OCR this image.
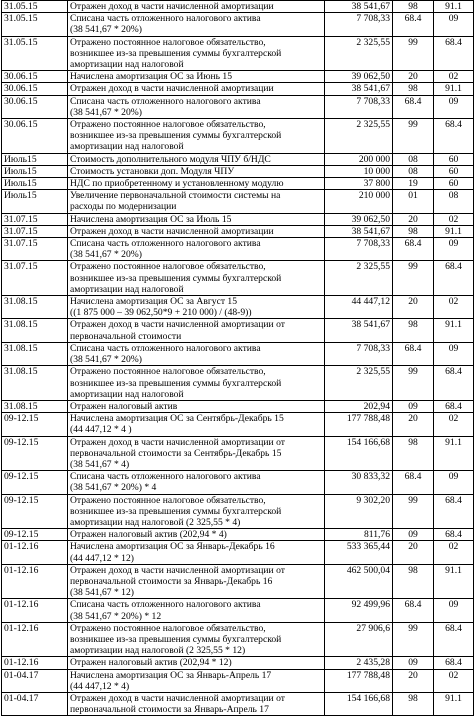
31.05.15	Отражен доход в части начисленной амортизации	38 541,67	98	91.1
31.05.15	Списана часть отложенного налогового актива
(38 541,67 * 20%)	7 708,33	68.4	09
31.05.15	Отражено постоянное налоговое обязательство,
возникшее из-за превышения суммы бухгалтерской
амортизации над налоговой	2 325,55	99	68.4
30.06.15	Начислена амортизация ОС за Июнь 15	39 062,50	20	02
30.06.15	Отражен доход в части начисленной амортизации	38 541,67	98	91.1
30.06.15	Списана часть отложенного налогового актива
(38 541,67 * 20%)	7 708,33	68.4	09
30.06.15	Отражено постоянное налоговое обязательство,
возникшее из-за превышения суммы бухгалтерской
амортизации над налоговой	2 325,55	99	68.4
Июль15	Стоимость дополнительного модуля ЧПУ б/НДС	200 000	08	60
Июль15	Стоимость установки доп. Модуля ЧПУ	10 000	08	60
Июль15	НДС по приобретенному и установленному модулю	37 800	19	60
Июль15	Увеличение первоначальной стоимости системы на
расходы по модернизации	210 000	01	08
31.07.15	Начислена амортизация ОС за Июль 15	39 062,50	20	02
31.07.15	Отражен доход в части начисленной амортизации	38 541,67	98	91.1
31.07.15	Списана часть отложенного налогового актива
(38 541,67 * 20%)	7 708,33	68.4	09
31.07.15	Отражено постоянное налоговое обязательство,
возникшее из-за превышения суммы бухгалтерской
амортизации над налоговой	2 325,55	99	68.4
31.08.15	Начислена амортизация ОС за Август 15
((1 875 000 – 39 062,50*9 + 210 000) / (48-9))	44 447,12	20	02
31.08.15	Отражен доход в части начисленной амортизации от
первоначальной стоимости	38 541,67	98	91.1
31.08.15	Списана часть отложенного налогового актива
(38 541,67 * 20%)	7 708,33	68.4	09
31.08.15	Отражено постоянное налоговое обязательство,
возникшее из-за превышения суммы бухгалтерской
амортизации над налоговой	2 325,55	99	68.4
31.08.15	Отражен налоговый актив	202,94	09	68.4
09-12.15	Начислена амортизация ОС за Сентябрь-Декабрь 15
(44 447,12 * 4 )	177 788,48	20	02
09-12.15	Отражен доход в части начисленной амортизации от
первоначальной стоимости за Сентябрь-Декабрь 15
(38 541,67 * 4)	154 166,68	98	91.1
09-12.15	Списана часть отложенного налогового актива
(38 541,67 * 20%) * 4	30 833,32	68.4	09
09-12.15	Отражено постоянное налоговое обязательство,
возникшее из-за превышения суммы бухгалтерской
амортизации над налоговой (2 325,55 * 4)	9 302,20	99	68.4
09-12.15	Отражен налоговый актив (202,94 * 4)	811,76	09	68.4
01-12.16	Начислена амортизация ОС за Январь-Декабрь 16
(44 447,12 * 12)	533 365,44	20	02
01-12.16	Отражен доход в части начисленной амортизации от
первоначальной стоимости за Январь-Декабрь 16
(38 541,67 * 12)	462 500,04	98	91.1
01-12.16	Списана часть отложенного налогового актива
(38 541,67 * 20%) * 12	92 499,96	68.4	09
01-12.16	Отражено постоянное налоговое обязательство,
возникшее из-за превышения суммы бухгалтерской
амортизации над налоговой (2 325,55 * 12)	27 906,6	99	68.4
01-12.16	Отражен налоговый актив (202,94 * 12)	2 435,28	09	68.4
01-04.17	Начислена амортизация ОС за Январь-Апрель 17
(44 447,12 * 4)	177 788,48	20	02
01-04.17	Отражен доход в части начисленной амортизации от
первоначальной стоимости за Январь-Апрель 17	154 166,68	98	91.1
